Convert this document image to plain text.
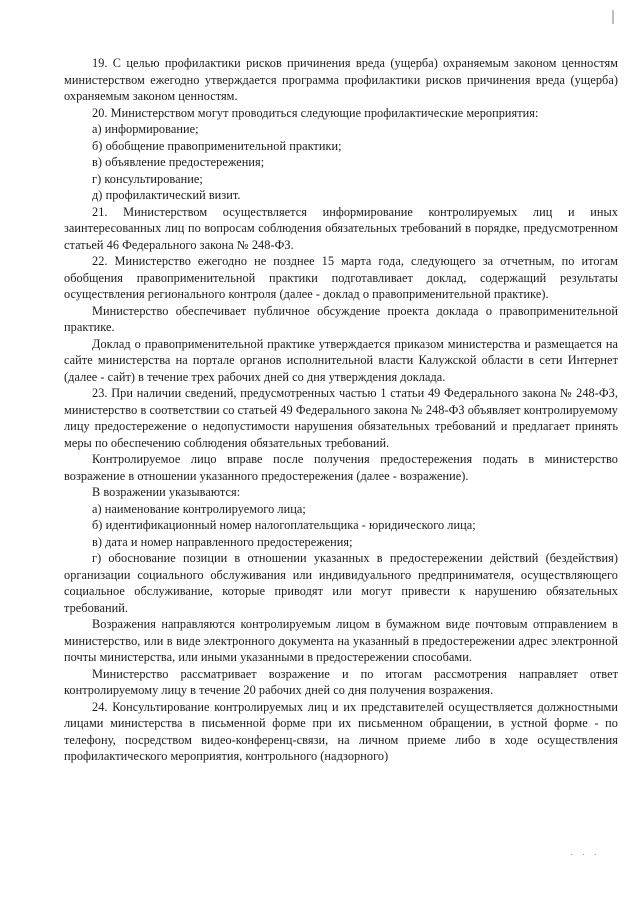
19. С целью профилактики рисков причинения вреда (ущерба) охраняемым законом ценностям министерством ежегодно утверждается программа профилактики рисков причинения вреда (ущерба) охраняемым законом ценностям.

20. Министерством могут проводиться следующие профилактические мероприятия:

а) информирование;

б) обобщение правоприменительной практики;

в) объявление предостережения;

г) консультирование;

д) профилактический визит.

21. Министерством осуществляется информирование контролируемых лиц и иных заинтересованных лиц по вопросам соблюдения обязательных требований в порядке, предусмотренном статьей 46 Федерального закона № 248-ФЗ.

22. Министерство ежегодно не позднее 15 марта года, следующего за отчетным, по итогам обобщения правоприменительной практики подготавливает доклад, содержащий результаты осуществления регионального контроля (далее - доклад о правоприменительной практике).

Министерство обеспечивает публичное обсуждение проекта доклада о правоприменительной практике.

Доклад о правоприменительной практике утверждается приказом министерства и размещается на сайте министерства на портале органов исполнительной власти Калужской области в сети Интернет (далее - сайт) в течение трех рабочих дней со дня утверждения доклада.

23. При наличии сведений, предусмотренных частью 1 статьи 49 Федерального закона № 248-ФЗ, министерство в соответствии со статьей 49 Федерального закона № 248-ФЗ объявляет контролируемому лицу предостережение о недопустимости нарушения обязательных требований и предлагает принять меры по обеспечению соблюдения обязательных требований.

Контролируемое лицо вправе после получения предостережения подать в министерство возражение в отношении указанного предостережения (далее - возражение).

В возражении указываются:

а) наименование контролируемого лица;

б) идентификационный номер налогоплательщика - юридического лица;

в) дата и номер направленного предостережения;

г) обоснование позиции в отношении указанных в предостережении действий (бездействия) организации социального обслуживания или индивидуального предпринимателя, осуществляющего социальное обслуживание, которые приводят или могут привести к нарушению обязательных требований.

Возражения направляются контролируемым лицом в бумажном виде почтовым отправлением в министерство, или в виде электронного документа на указанный в предостережении адрес электронной почты министерства, или иными указанными в предостережении способами.

Министерство рассматривает возражение и по итогам рассмотрения направляет ответ контролируемому лицу в течение 20 рабочих дней со дня получения возражения.

24. Консультирование контролируемых лиц и их представителей осуществляется должностными лицами министерства в письменной форме при их письменном обращении, в устной форме - по телефону, посредством видео-конференц-связи, на личном приеме либо в ходе осуществления профилактического мероприятия, контрольного (надзорного)

· · ·
